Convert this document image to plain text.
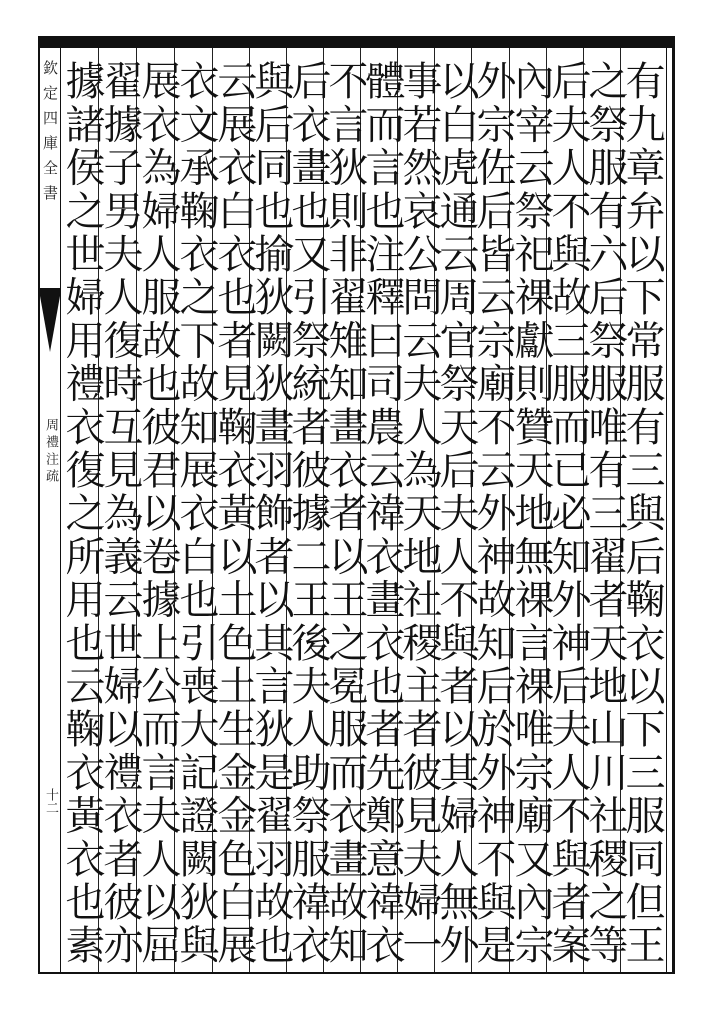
欽定四庫全書
周禮注疏
十二	有九章弁以下常服有三與后鞠衣以下三服同但王
之祭服有六后祭服唯有三翟者天地山川社稷之等
后夫人不與故三服而已必知外神后夫人不與者案
內宰云祭祀祼獻則贊天地無祼言祼唯宗廟又內宗
外宗佐后皆云宗廟不云外神故知后於外神不與是
以白虎通云周官祭天后夫人不與者以其婦人無外
事若然哀公問云夫人為天地社稷主者彼見夫婦一
體而言也注釋曰司農云禕衣畫衣也者先鄭意禕衣
不言狄則非翟雉知畫衣者以王之冕服而衣畫故知
后衣畫也又引祭統者彼據二王後夫人助祭服禕衣
與后同也揄狄闕狄畫羽飾者以其言狄是翟羽故也
云展衣白衣也者見鞠衣黃以土色土生金金色白展
衣文承鞠衣之下故知展衣白也引喪大記證闕狄與
展衣為婦人服故也彼君以卷據上公而言夫人以屈
翟據子男夫人復時互見為義云世婦以禮衣者彼亦
據諸侯之世婦用禮衣復之所用也云鞠衣黃衣也素
